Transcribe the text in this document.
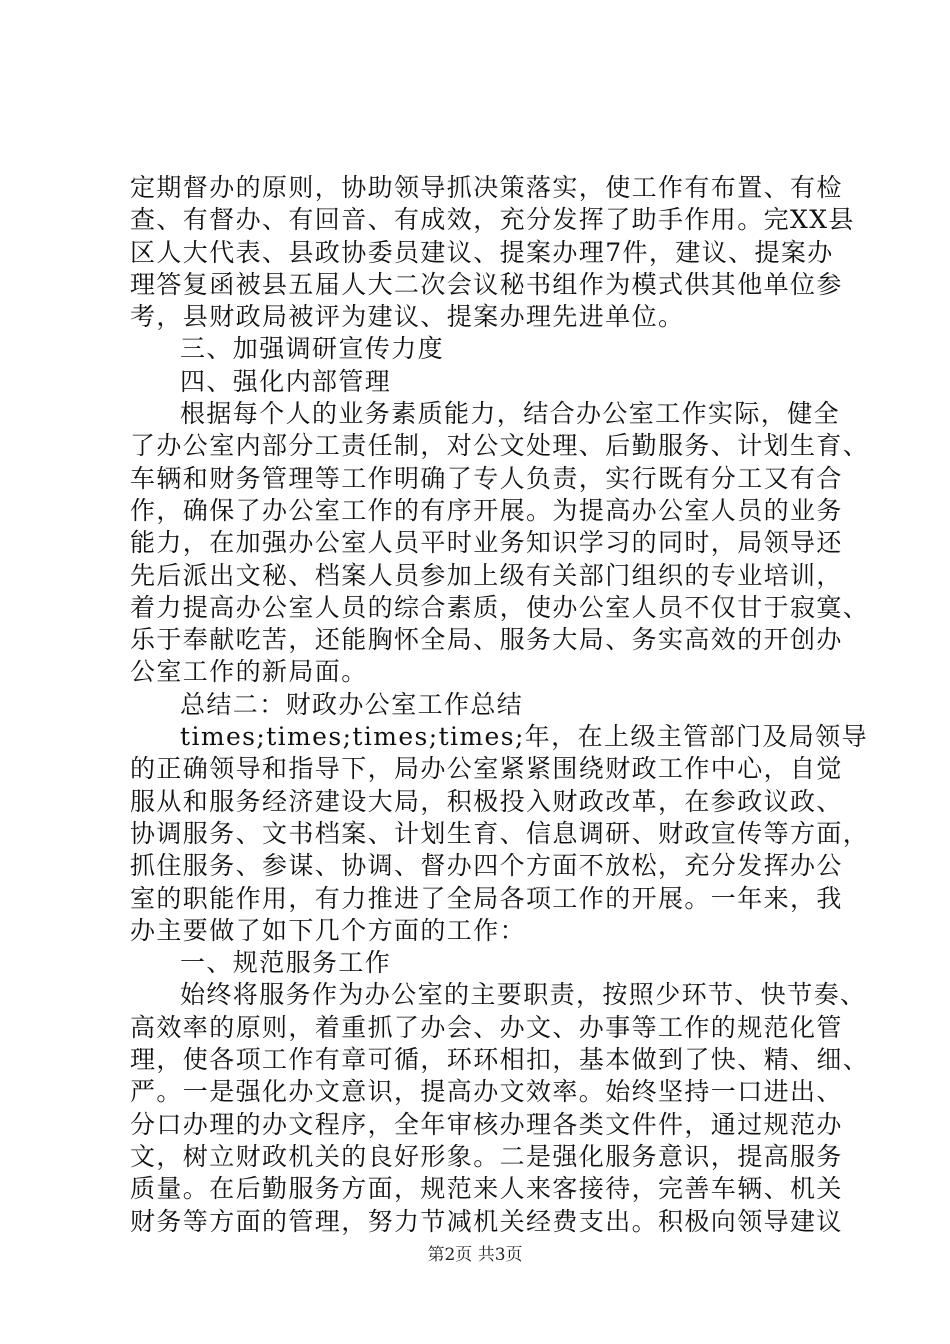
定期督办的原则，协助领导抓决策落实，使工作有布置、有检
查、有督办、有回音、有成效，充分发挥了助手作用。完XX县
区人大代表、县政协委员建议、提案办理7件，建议、提案办
理答复函被县五届人大二次会议秘书组作为模式供其他单位参
考，县财政局被评为建议、提案办理先进单位。
三、加强调研宣传力度
四、强化内部管理
根据每个人的业务素质能力，结合办公室工作实际，健全
了办公室内部分工责任制，对公文处理、后勤服务、计划生育、
车辆和财务管理等工作明确了专人负责，实行既有分工又有合
作，确保了办公室工作的有序开展。为提高办公室人员的业务
能力，在加强办公室人员平时业务知识学习的同时，局领导还
先后派出文秘、档案人员参加上级有关部门组织的专业培训，
着力提高办公室人员的综合素质，使办公室人员不仅甘于寂寞、
乐于奉献吃苦，还能胸怀全局、服务大局、务实高效的开创办
公室工作的新局面。
总结二：财政办公室工作总结
times;times;times;times;年，在上级主管部门及局领导
的正确领导和指导下，局办公室紧紧围绕财政工作中心，自觉
服从和服务经济建设大局，积极投入财政改革，在参政议政、
协调服务、文书档案、计划生育、信息调研、财政宣传等方面，
抓住服务、参谋、协调、督办四个方面不放松，充分发挥办公
室的职能作用，有力推进了全局各项工作的开展。一年来，我
办主要做了如下几个方面的工作：
一、规范服务工作
始终将服务作为办公室的主要职责，按照少环节、快节奏、
高效率的原则，着重抓了办会、办文、办事等工作的规范化管
理，使各项工作有章可循，环环相扣，基本做到了快、精、细、
严。一是强化办文意识，提高办文效率。始终坚持一口进出、
分口办理的办文程序，全年审核办理各类文件件，通过规范办
文，树立财政机关的良好形象。二是强化服务意识，提高服务
质量。在后勤服务方面，规范来人来客接待，完善车辆、机关
财务等方面的管理，努力节减机关经费支出。积极向领导建议
第2页 共3页
